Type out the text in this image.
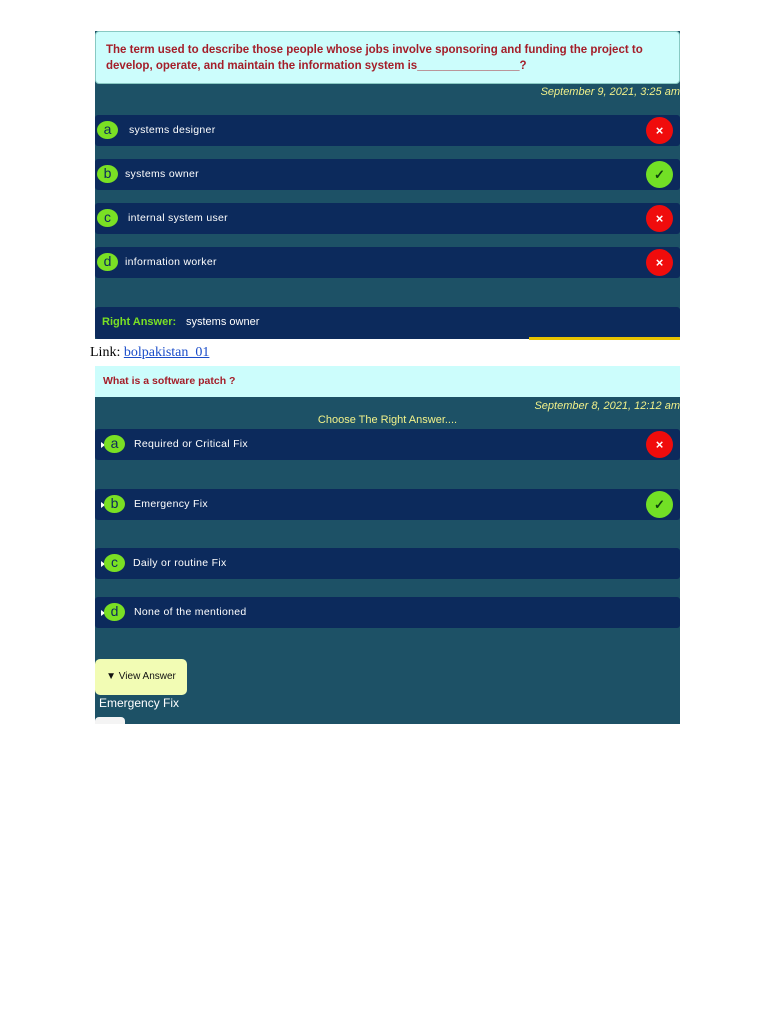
The term used to describe those people whose jobs involve sponsoring and funding the project to develop, operate, and maintain the information system is________________?
September 9, 2021, 3:25 am
a	systems designer	×
b	systems owner	✓
c	internal system user	×
d	information worker	×
Right Answer: systems owner
Link: bolpakistan_01
What is a software patch ?
September 8, 2021, 12:12 am
Choose The Right Answer....
a	Required or Critical Fix	×
b	Emergency Fix	✓
c	Daily or routine Fix
d	None of the mentioned
▼ View Answer
Emergency Fix
